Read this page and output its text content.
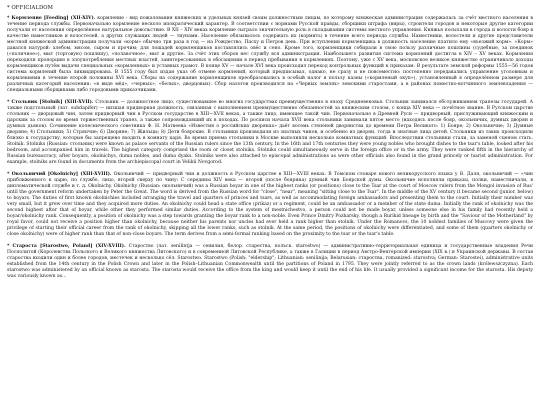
* OFFICIALDOM

* Кормление [Feeding] (XII-XIV). кормление - вид пожалования княжеских и удельных князей своим должностным лицам, по которому княжеская администрация содержалась за счёт местного населения в течение периода службы. Первоначально кормление несколо ипократический характер. В соответствии с нормами Русской правды, сборщики штрафа (виры), строители городов и некоторые другие категории получали от населения определённое натуральное довольствие. В XII – XIV веках кормление сыграло значительную роль в складывании системы местного управления. Княжья посылали в города и волости бояр в качестве наместников и волостелей, а других служащих людей — тиунами. Население обязывалось содержать их (кормить) в течение всего периода службы. Наместники, волостели и другие представители местной княжеской администрации получали «корм» обычно три раза в год — на Рождество, Пасху и Петров день. При вступлении кормленщика в должность население платило ему «въезжий корм». «Корм» давался натурой: хлебом, мясом, сыром и прочим; для лошадей кормленщиков поставлялись овёс и сено. Кроме того, кормленщики собирали в свою пользу различные пошлины (судебные, за поединок («поличное»), мыт (торговую) пошлину), «полавочное», мыт и другие. За счёт этих сборов нес службу вся администрация. Наибольшего развития система кормлений достигла в XIV – XV веках. Кормления переходили пропорцию в злоупотребления местных властей, заинтересованных в обогащении в период пребывания в кормлениях. Поэтому, уже с XV века, московское великое княжество ограничивало доходы кормленщиков путём выдачи специальных «кормленных» и уставных грамот. В конце XV — начале XVI века происходил переход контрольных функций к приказам. В результате земской реформы 1555—56 годов система кормлений была ликвидирована. В 1555 году был издан указ об отмене кормлений, который предписывал, однако, не сразу и не повсеместно: постепенно передавались управление уголовным и кормлениями в течение второй половины XVI века. Сборы на содержание кормленщиков преобразовались в особый налог в пользу казны («кормленый окуп»), установленный в определённом размере для различных категорий населения: «в виде мёд», «черных», «белых», дворцовых). Сбор налогов производился на «Черных землях» земскими старостами, а в районах поместно-вотчинного землевладения — специальными сборщиками либо городовыми приказчиками.

* Стольник [Stolnik] (XIII-XVII). Стольник — должностное лицо, существовавшее во многих государствах преимущественно в эпоху Средневековья. Стольник занимался обслуживанием трапезы государей. А также подстольный (лат. subdapifer) — низшая придворная должность, связанная с выполнением преимущественно обязанностей за княжеским столом, с конца XIV века — почётное звание. В Русском царстве стольник — дворцовый чин, затем придворный чин в Русском государстве в XIII—XVII веках, а также лицо, имеющее такой чин. Первоначально в Древней Руси — придворный, прислуживающий княжеским и царским за столом во время торжественных трапез, а также сопровождавший их в походах. По росписи начала XVII века стольники занимали пятое место (находясь после бояр, окольничих, думных дворян и думных дьяков). Сочинение колеснического советника Ф. Н. Матвеева «Известия о российских дворянах» даёт восемь степеней дворянства до времени Петра Великого: 1) Бояре; 2) Окольничие; 3) Думные дворяне; 4) Стольники; 5) Стряпчие; 6) Дворяне; 7) Жильцы; 8) Дети боярские. В стольники производили из знатных чинов, и особенно из дворян, тогда и знатные лица детей. Стольники из таких происходили близко к государству, которые бы запрещено входить в комнату царя. Во время приема стольники в Москве выполняли несколько комнатных функций. Впоследствии стольники стали, за заменой сценом стать. Stolnik. Stolniks (Russian: стольник) were known as palace servants of the Russian rulers since the 13th century. In the 16th and 17th centuries they were young nobles who brought dishes to the tsar's table, looked after his bedroom, and accompanied him in travels. The highest category comprised the room or closet stolniks. Stolniks could simultaneously serve in the foreign office or in the army. They were ranked fifth in the hierarchy of Russian bureaucracy, after boyars, okolnichys, duma nobles, and duma dyaks. Stolniks were also attached to episcopal administrations as were other officials also found in the grand princely or tsarist administration. For example, stolniks are found in documents from the archiepiscopal court in Velikii Novgorod.

* Окольничий [Okolnichy] (XIII-XVIII). Окольничий — придворный чин и должность в Русском царстве в XIII—XVIII веках. В Томском словаре нового великорусского языка у В. Даля, окольничий — «чин приближенного к царю, по службе, лицо, второй сверху по чину: С середины XIV века — второй (после боярина) думный чин Боярской думы. Окольничие исполняли приказы, полки, наместничали, в дипломатической службе и т. д. Okolnichy. Okolnichy (Russian: окольничий) was a Russian boyar in one of the highest ranks (or positions) close to the Tsar at the court of Moscow rulers from the Mongol invasion of Rus' until the government reform undertaken by Peter the Great. The word is derived from the Russian word for "close", "near", meaning "sitting close to the Tsar". In the middle of the XV century it became second (junior, below) to boyars. The duties of first known okolnichies included arranging the travel and quarters of princes and tsars, as well as accommodating foreign ambassadors and presenting them to the court. Initially their number was very small, but it grew over time and they acquired more duties. An okolnichy could head a state office (prikaz) or a regiment, could be an ambassador or a member of the state duma. Initially the rank of okolnichy was the second highest after that of boyar, while other they performed similar duties. According to the system of mestnichestvo, a person could not be made boyar, unless someone else in his family had recently held a boyar/okolnichy rank. Consequently, a position of okolnichy was a step towards granting the boyar rank to a non-noble. Even Prince Dmitry Pozharsky, though a Rurikid lineage by birth and the "Saviour of the Motherland" by royal favor, could not receive a position higher than okolnichy, because neither his parents nor uncles had ever held a rank higher than stolnik. Under the Romanovs, the 10 noblest families of Muscovy were given the privilege of starting their official career from the rank of okolnichy, skipping all the lower ranks, such as stolnik. At the same period, the positions of okolnichy were differentiated, and some of them (quarters okolnichy or close okolnichy) were of higher rank than that of non-close boyars. The term derives from a semi-formal ranking based on the proximity to the tsar or the tsar's table.

* Староста [Starostwo, Poland] (XIV-XVIII). Староство (лат. senilintja — сенилия, белор. старества, польск. starostwo) — административно-территориальная единица и государственные владения Речи Посполитой (Королевства Польского и Великого княжества Литовского) и в современной Литовской Республике, а также в Галиции в период Австро-Венгерской империи (XIX в.) и Украинской державы. В состав староства входили один и более городов, местечек и несколько сёл. Starostwo. Starostwo (Polish: "eldership"; Lithuanian: seniūnija; Belarusian: староства, romanized: starostva; German: Starostei), administrative units established from the 14th century in the Polish Crown and later in the Polish–Lithuanian Commonwealth until the partitions of Poland in 1795. They were jointly referred to as the crown lands (królewszczyzna). Each starostwo was administered by an official known as starosta. The starosta would receive the office from the king and would keep it until the end of his life. It usually provided a significant income for the starosta. His deputy was variously known as...
